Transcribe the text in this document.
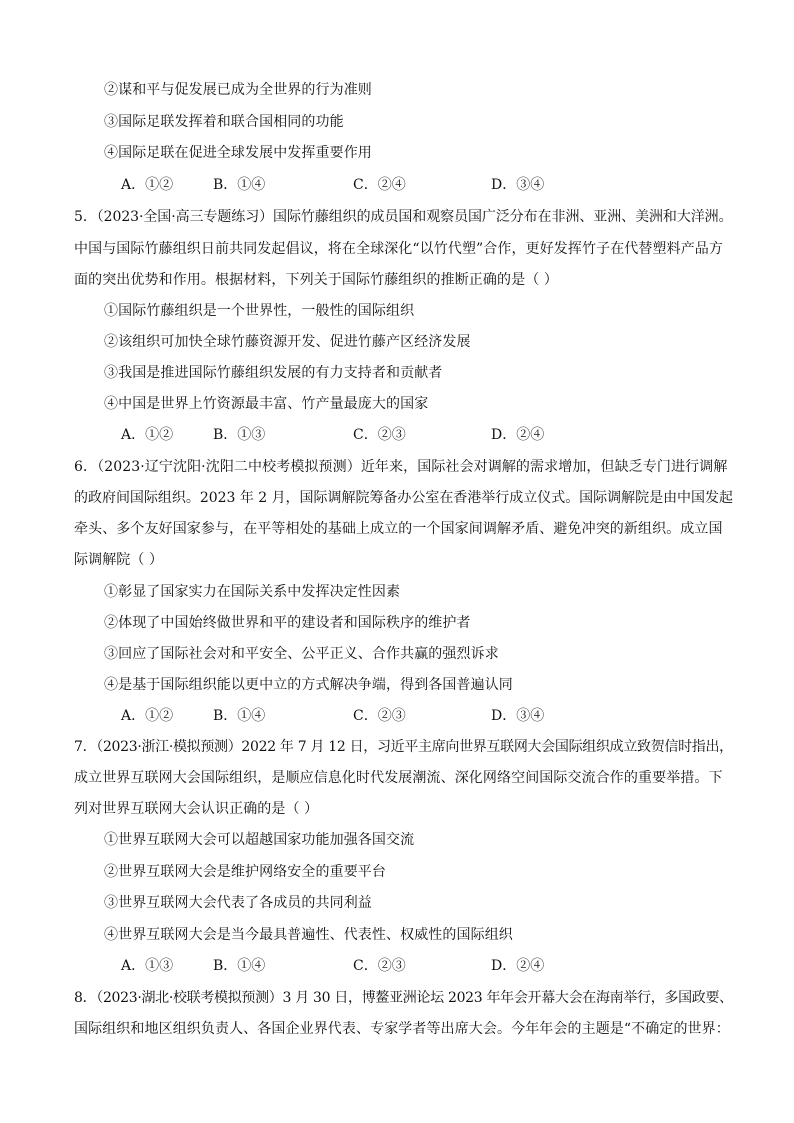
②谋和平与促发展已成为全世界的行为准则
③国际足联发挥着和联合国相同的功能
④国际足联在促进全球发展中发挥重要作用
A．①②	B．①④	C．②④	D．③④
5．（2023·全国·高三专题练习）国际竹藤组织的成员国和观察员国广泛分布在非洲、亚洲、美洲和大洋洲。
中国与国际竹藤组织日前共同发起倡议，将在全球深化“以竹代塑”合作，更好发挥竹子在代替塑料产品方
面的突出优势和作用。根据材料，下列关于国际竹藤组织的推断正确的是（ ）
①国际竹藤组织是一个世界性，一般性的国际组织
②该组织可加快全球竹藤资源开发、促进竹藤产区经济发展
③我国是推进国际竹藤组织发展的有力支持者和贡献者
④中国是世界上竹资源最丰富、竹产量最庞大的国家
A．①②	B．①③	C．②③	D．②④
6．（2023·辽宁沈阳·沈阳二中校考模拟预测）近年来，国际社会对调解的需求增加，但缺乏专门进行调解
的政府间国际组织。2023 年 2 月，国际调解院筹备办公室在香港举行成立仪式。国际调解院是由中国发起
牵头、多个友好国家参与，在平等相处的基础上成立的一个国家间调解矛盾、避免冲突的新组织。成立国
际调解院（ ）
①彰显了国家实力在国际关系中发挥决定性因素
②体现了中国始终做世界和平的建设者和国际秩序的维护者
③回应了国际社会对和平安全、公平正义、合作共赢的强烈诉求
④是基于国际组织能以更中立的方式解决争端，得到各国普遍认同
A．①②	B．①④	C．②③	D．③④
7．（2023·浙江·模拟预测）2022 年 7 月 12 日，习近平主席向世界互联网大会国际组织成立致贺信时指出，
成立世界互联网大会国际组织，是顺应信息化时代发展潮流、深化网络空间国际交流合作的重要举措。下
列对世界互联网大会认识正确的是（ ）
①世界互联网大会可以超越国家功能加强各国交流
②世界互联网大会是维护网络安全的重要平台
③世界互联网大会代表了各成员的共同利益
④世界互联网大会是当今最具普遍性、代表性、权威性的国际组织
A．①③	B．①④	C．②③	D．②④
8．（2023·湖北·校联考模拟预测）3 月 30 日，博鳌亚洲论坛 2023 年年会开幕大会在海南举行，多国政要、
国际组织和地区组织负责人、各国企业界代表、专家学者等出席大会。今年年会的主题是“不确定的世界：
